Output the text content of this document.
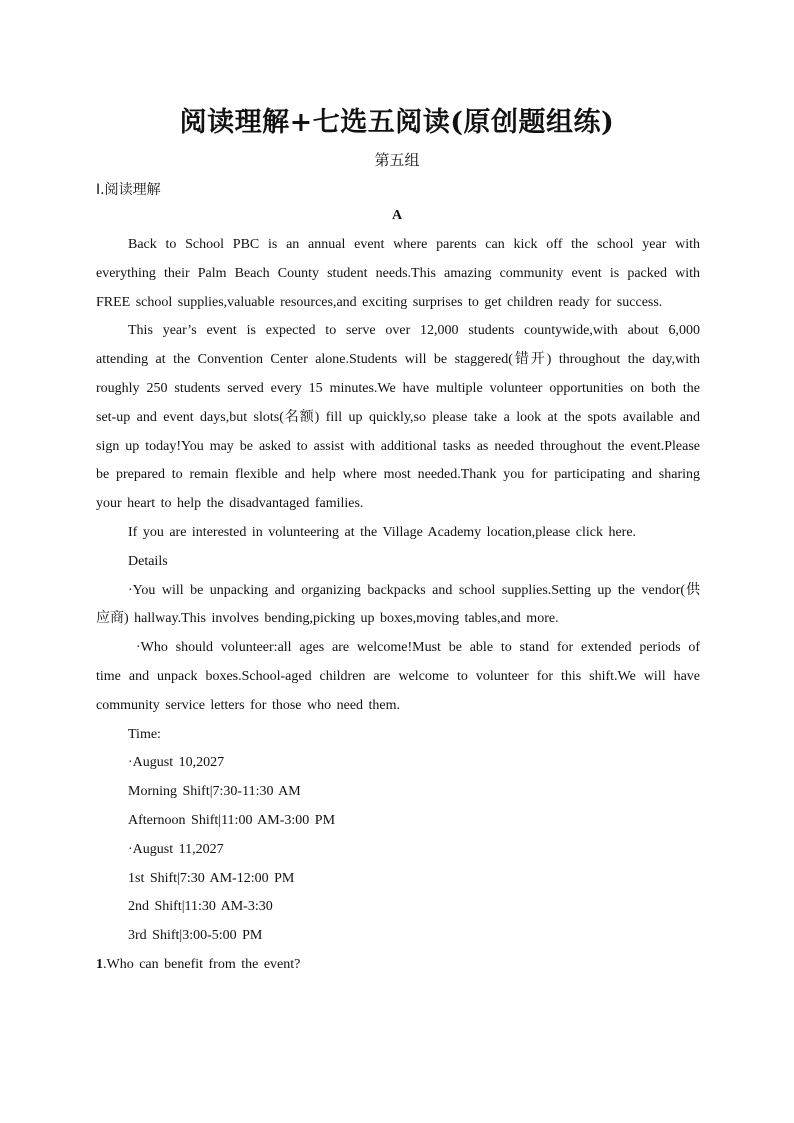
阅读理解+七选五阅读(原创题组练)
第五组
Ⅰ.阅读理解
A

Back to School PBC is an annual event where parents can kick off the school year with everything their Palm Beach County student needs.This amazing community event is packed with FREE school supplies,valuable resources,and exciting surprises to get children ready for success.

This year’s event is expected to serve over 12,000 students countywide,with about 6,000 attending at the Convention Center alone.Students will be staggered(错开) throughout the day,with roughly 250 students served every 15 minutes.We have multiple volunteer opportunities on both the set-up and event days,but slots(名额) fill up quickly,so please take a look at the spots available and sign up today!You may be asked to assist with additional tasks as needed throughout the event.Please be prepared to remain flexible and help where most needed.Thank you for participating and sharing your heart to help the disadvantaged families.

If you are interested in volunteering at the Village Academy location,please click here.
Details

·You will be unpacking and organizing backpacks and school supplies.Setting up the vendor(供应商) hallway.This involves bending,picking up boxes,moving tables,and more.

·Who should volunteer:all ages are welcome!Must be able to stand for extended periods of time and unpack boxes.School-aged children are welcome to volunteer for this shift.We will have community service letters for those who need them.

Time:
·August 10,2027
Morning Shift|7:30-11:30 AM
Afternoon Shift|11:00 AM-3:00 PM
·August 11,2027
1st Shift|7:30 AM-12:00 PM
2nd Shift|11:30 AM-3:30
3rd Shift|3:00-5:00 PM
1.Who can benefit from the event?
